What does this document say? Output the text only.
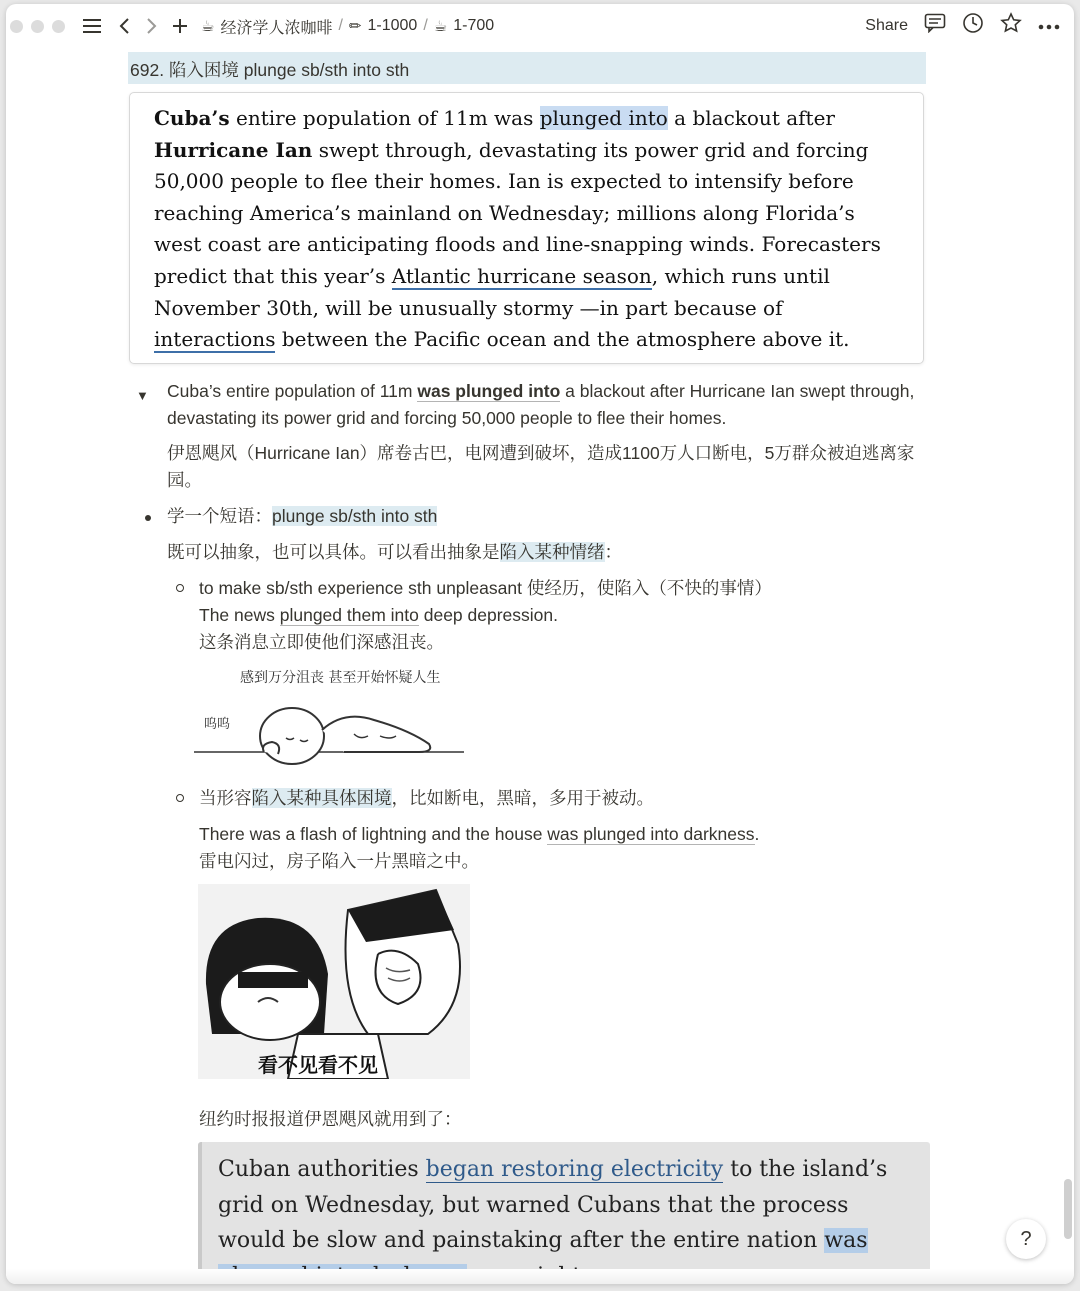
☕ 经济学人浓咖啡 / ✏ 1-1000 / ☕ 1-700	Share
692. 陷入困境 plunge sb/sth into sth
Cuba’s entire population of 11m was plunged into a blackout after Hurricane Ian swept through, devastating its power grid and forcing 50,000 people to flee their homes. Ian is expected to intensify before reaching America’s mainland on Wednesday; millions along Florida’s west coast are anticipating floods and line-snapping winds. Forecasters predict that this year’s Atlantic hurricane season, which runs until November 30th, will be unusually stormy —in part because of interactions between the Pacific ocean and the atmosphere above it.
▼ Cuba’s entire population of 11m was plunged into a blackout after Hurricane Ian swept through, devastating its power grid and forcing 50,000 people to flee their homes.
伊恩飓风（Hurricane Ian）席卷古巴，电网遭到破坏，造成1100万人口断电，5万群众被迫逃离家园。
学一个短语：plunge sb/sth into sth
既可以抽象，也可以具体。可以看出抽象是陷入某种情绪：
to make sb/sth experience sth unpleasant 使经历，使陷入（不快的事情）
The news plunged them into deep depression.
这条消息立即使他们深感沮丧。
感到万分沮丧 甚至开始怀疑人生
呜呜
当形容陷入某种具体困境，比如断电，黑暗，多用于被动。
There was a flash of lightning and the house was plunged into darkness.
雷电闪过，房子陷入一片黑暗之中。
看不见看不见
纽约时报报道伊恩飓风就用到了：
Cuban authorities began restoring electricity to the island’s grid on Wednesday, but warned Cubans that the process would be slow and painstaking after the entire nation was	?
